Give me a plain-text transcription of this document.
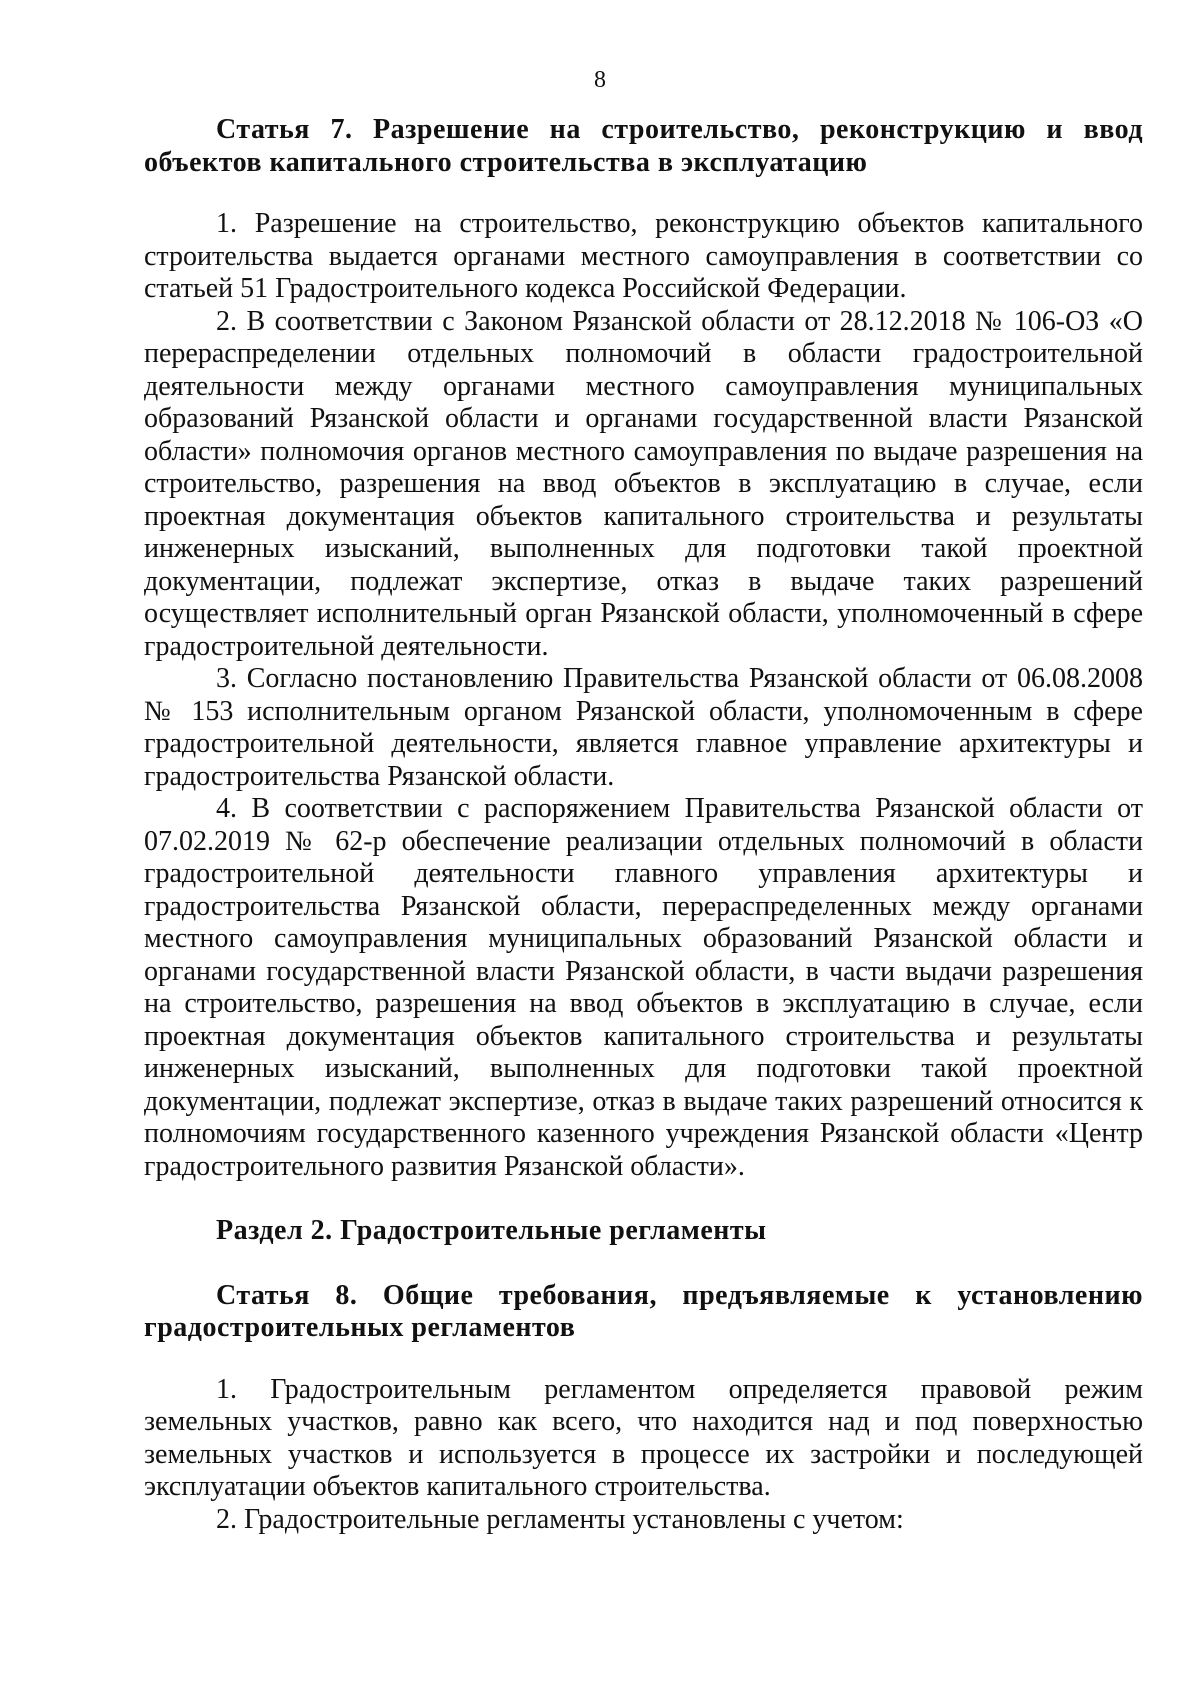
8

Статья 7. Разрешение на строительство, реконструкцию и ввод объектов капитального строительства в эксплуатацию

1. Разрешение на строительство, реконструкцию объектов капитального строительства выдается органами местного самоуправления в соответствии со статьей 51 Градостроительного кодекса Российской Федерации.

2. В соответствии с Законом Рязанской области от 28.12.2018 № 106-ОЗ «О перераспределении отдельных полномочий в области градостроительной деятельности между органами местного самоуправления муниципальных образований Рязанской области и органами государственной власти Рязанской области» полномочия органов местного самоуправления по выдаче разрешения на строительство, разрешения на ввод объектов в эксплуатацию в случае, если проектная документация объектов капитального строительства и результаты инженерных изысканий, выполненных для подготовки такой проектной документации, подлежат экспертизе, отказ в выдаче таких разрешений осуществляет исполнительный орган Рязанской области, уполномоченный в сфере градостроительной деятельности.

3. Согласно постановлению Правительства Рязанской области от 06.08.2008 № 153 исполнительным органом Рязанской области, уполномоченным в сфере градостроительной деятельности, является главное управление архитектуры и градостроительства Рязанской области.

4. В соответствии с распоряжением Правительства Рязанской области от 07.02.2019 № 62-р обеспечение реализации отдельных полномочий в области градостроительной деятельности главного управления архитектуры и градостроительства Рязанской области, перераспределенных между органами местного самоуправления муниципальных образований Рязанской области и органами государственной власти Рязанской области, в части выдачи разрешения на строительство, разрешения на ввод объектов в эксплуатацию в случае, если проектная документация объектов капитального строительства и результаты инженерных изысканий, выполненных для подготовки такой проектной документации, подлежат экспертизе, отказ в выдаче таких разрешений относится к полномочиям государственного казенного учреждения Рязанской области «Центр градостроительного развития Рязанской области».

Раздел 2. Градостроительные регламенты

Статья 8. Общие требования, предъявляемые к установлению градостроительных регламентов

1. Градостроительным регламентом определяется правовой режим земельных участков, равно как всего, что находится над и под поверхностью земельных участков и используется в процессе их застройки и последующей эксплуатации объектов капитального строительства.

2. Градостроительные регламенты установлены с учетом:
